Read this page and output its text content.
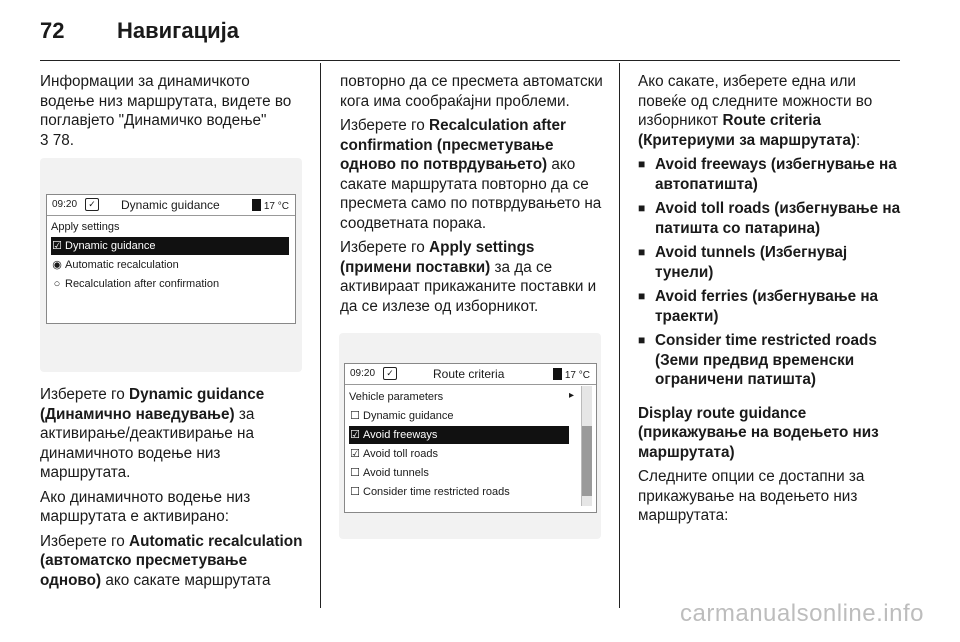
72 Навигација

Информации за динамичкото водење низ маршрутата, видете во поглавјето "Динамичко водење"
3 78.

09:20	✓ Dynamic guidance	17 °C
Apply settings
☑ Dynamic guidance
◉ Automatic recalculation
○ Recalculation after confirmation

Изберете го Dynamic guidance (Динамично наведување) за активирање/деактивирање на динамичното водење низ маршрутата.

Ако динамичното водење низ маршрутата е активирано:

Изберете го Automatic recalculation (автоматско пресметување одново) ако сакате маршрутата

повторно да се пресмета автоматски кога има сообраќајни проблеми.

Изберете го Recalculation after confirmation (пресметување одново по потврдувањето) ако сакате маршрутата повторно да се пресмета само по потврдувањето на соодветната порака.

Изберете го Apply settings (примени поставки) за да се активираат прикажаните поставки и да се излезе од изборникот.

09:20	✓	Route criteria	17 °C
Vehicle parameters	▸
☐ Dynamic guidance
☑ Avoid freeways
☑ Avoid toll roads
☐ Avoid tunnels
☐ Consider time restricted roads

Ако сакате, изберете една или повеќе од следните можности во изборникот Route criteria (Критериуми за маршрутата):

■ Avoid freeways (избегнување на автопатишта)

■ Avoid toll roads (избегнување на патишта со патарина)

■ Avoid tunnels (Избегнувај тунели)

■ Avoid ferries (избегнување на траекти)

■ Consider time restricted roads (Земи предвид временски ограничени патишта)

Display route guidance (прикажување на водењето низ маршрутата)

Следните опции се достапни за прикажување на водењето низ маршрутата:

carmanualsonline.info
